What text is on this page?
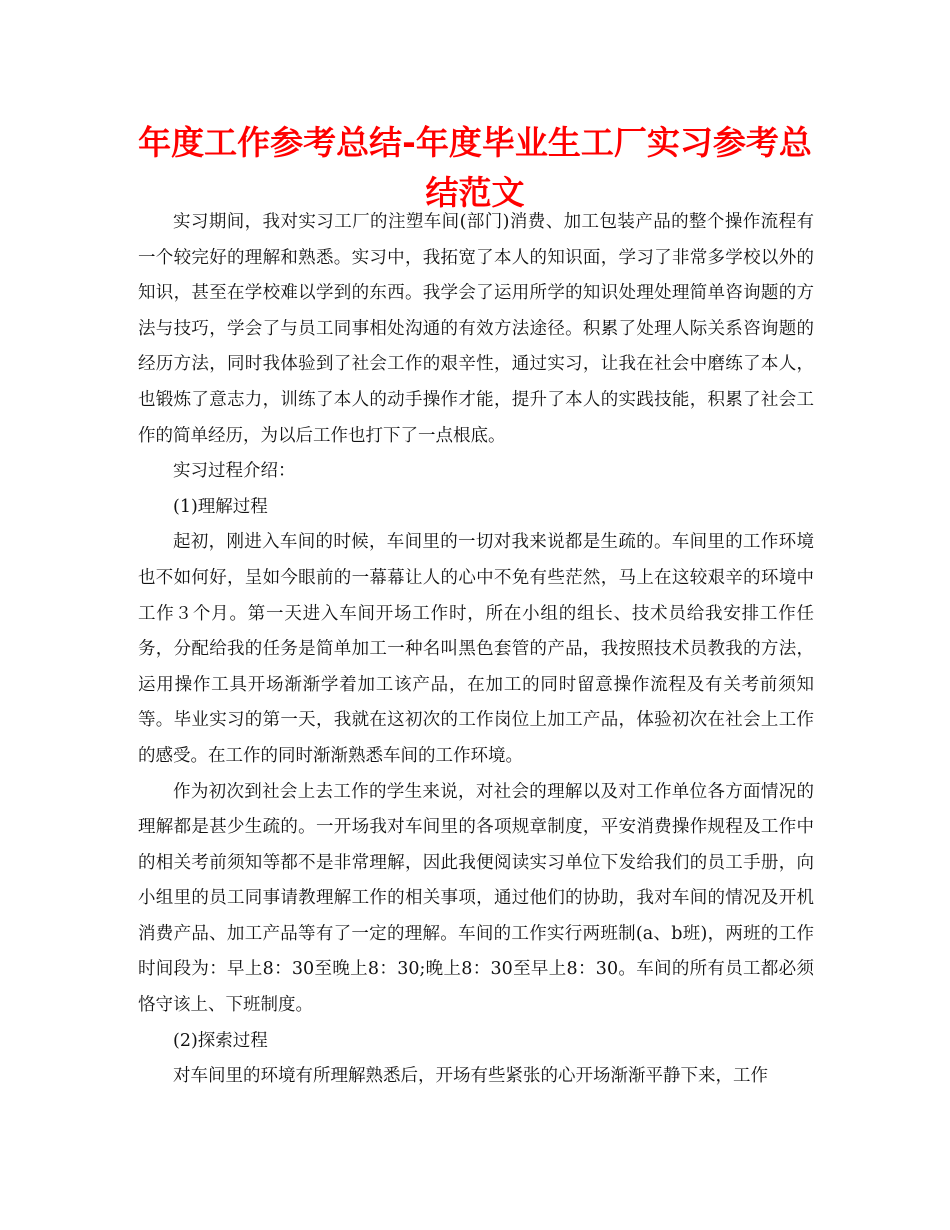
年度工作参考总结-年度毕业生工厂实习参考总结范文

实习期间，我对实习工厂的注塑车间(部门)消费、加工包装产品的整个操作流程有一个较完好的理解和熟悉。实习中，我拓宽了本人的知识面，学习了非常多学校以外的知识，甚至在学校难以学到的东西。我学会了运用所学的知识处理处理简单咨询题的方法与技巧，学会了与员工同事相处沟通的有效方法途径。积累了处理人际关系咨询题的经历方法，同时我体验到了社会工作的艰辛性，通过实习，让我在社会中磨练了本人，也锻炼了意志力，训练了本人的动手操作才能，提升了本人的实践技能，积累了社会工作的简单经历，为以后工作也打下了一点根底。

实习过程介绍：

(1)理解过程

起初，刚进入车间的时候，车间里的一切对我来说都是生疏的。车间里的工作环境也不如何好，呈如今眼前的一幕幕让人的心中不免有些茫然，马上在这较艰辛的环境中工作３个月。第一天进入车间开场工作时，所在小组的组长、技术员给我安排工作任务，分配给我的任务是简单加工一种名叫黑色套管的产品，我按照技术员教我的方法，运用操作工具开场渐渐学着加工该产品，在加工的同时留意操作流程及有关考前须知等。毕业实习的第一天，我就在这初次的工作岗位上加工产品，体验初次在社会上工作的感受。在工作的同时渐渐熟悉车间的工作环境。

作为初次到社会上去工作的学生来说，对社会的理解以及对工作单位各方面情况的理解都是甚少生疏的。一开场我对车间里的各项规章制度，平安消费操作规程及工作中的相关考前须知等都不是非常理解，因此我便阅读实习单位下发给我们的员工手册，向小组里的员工同事请教理解工作的相关事项，通过他们的协助，我对车间的情况及开机消费产品、加工产品等有了一定的理解。车间的工作实行两班制(a、b班)，两班的工作时间段为：早上8：30至晚上8：30;晚上8：30至早上8：30。车间的所有员工都必须恪守该上、下班制度。

(2)探索过程

对车间里的环境有所理解熟悉后，开场有些紧张的心开场渐渐平静下来，工作
